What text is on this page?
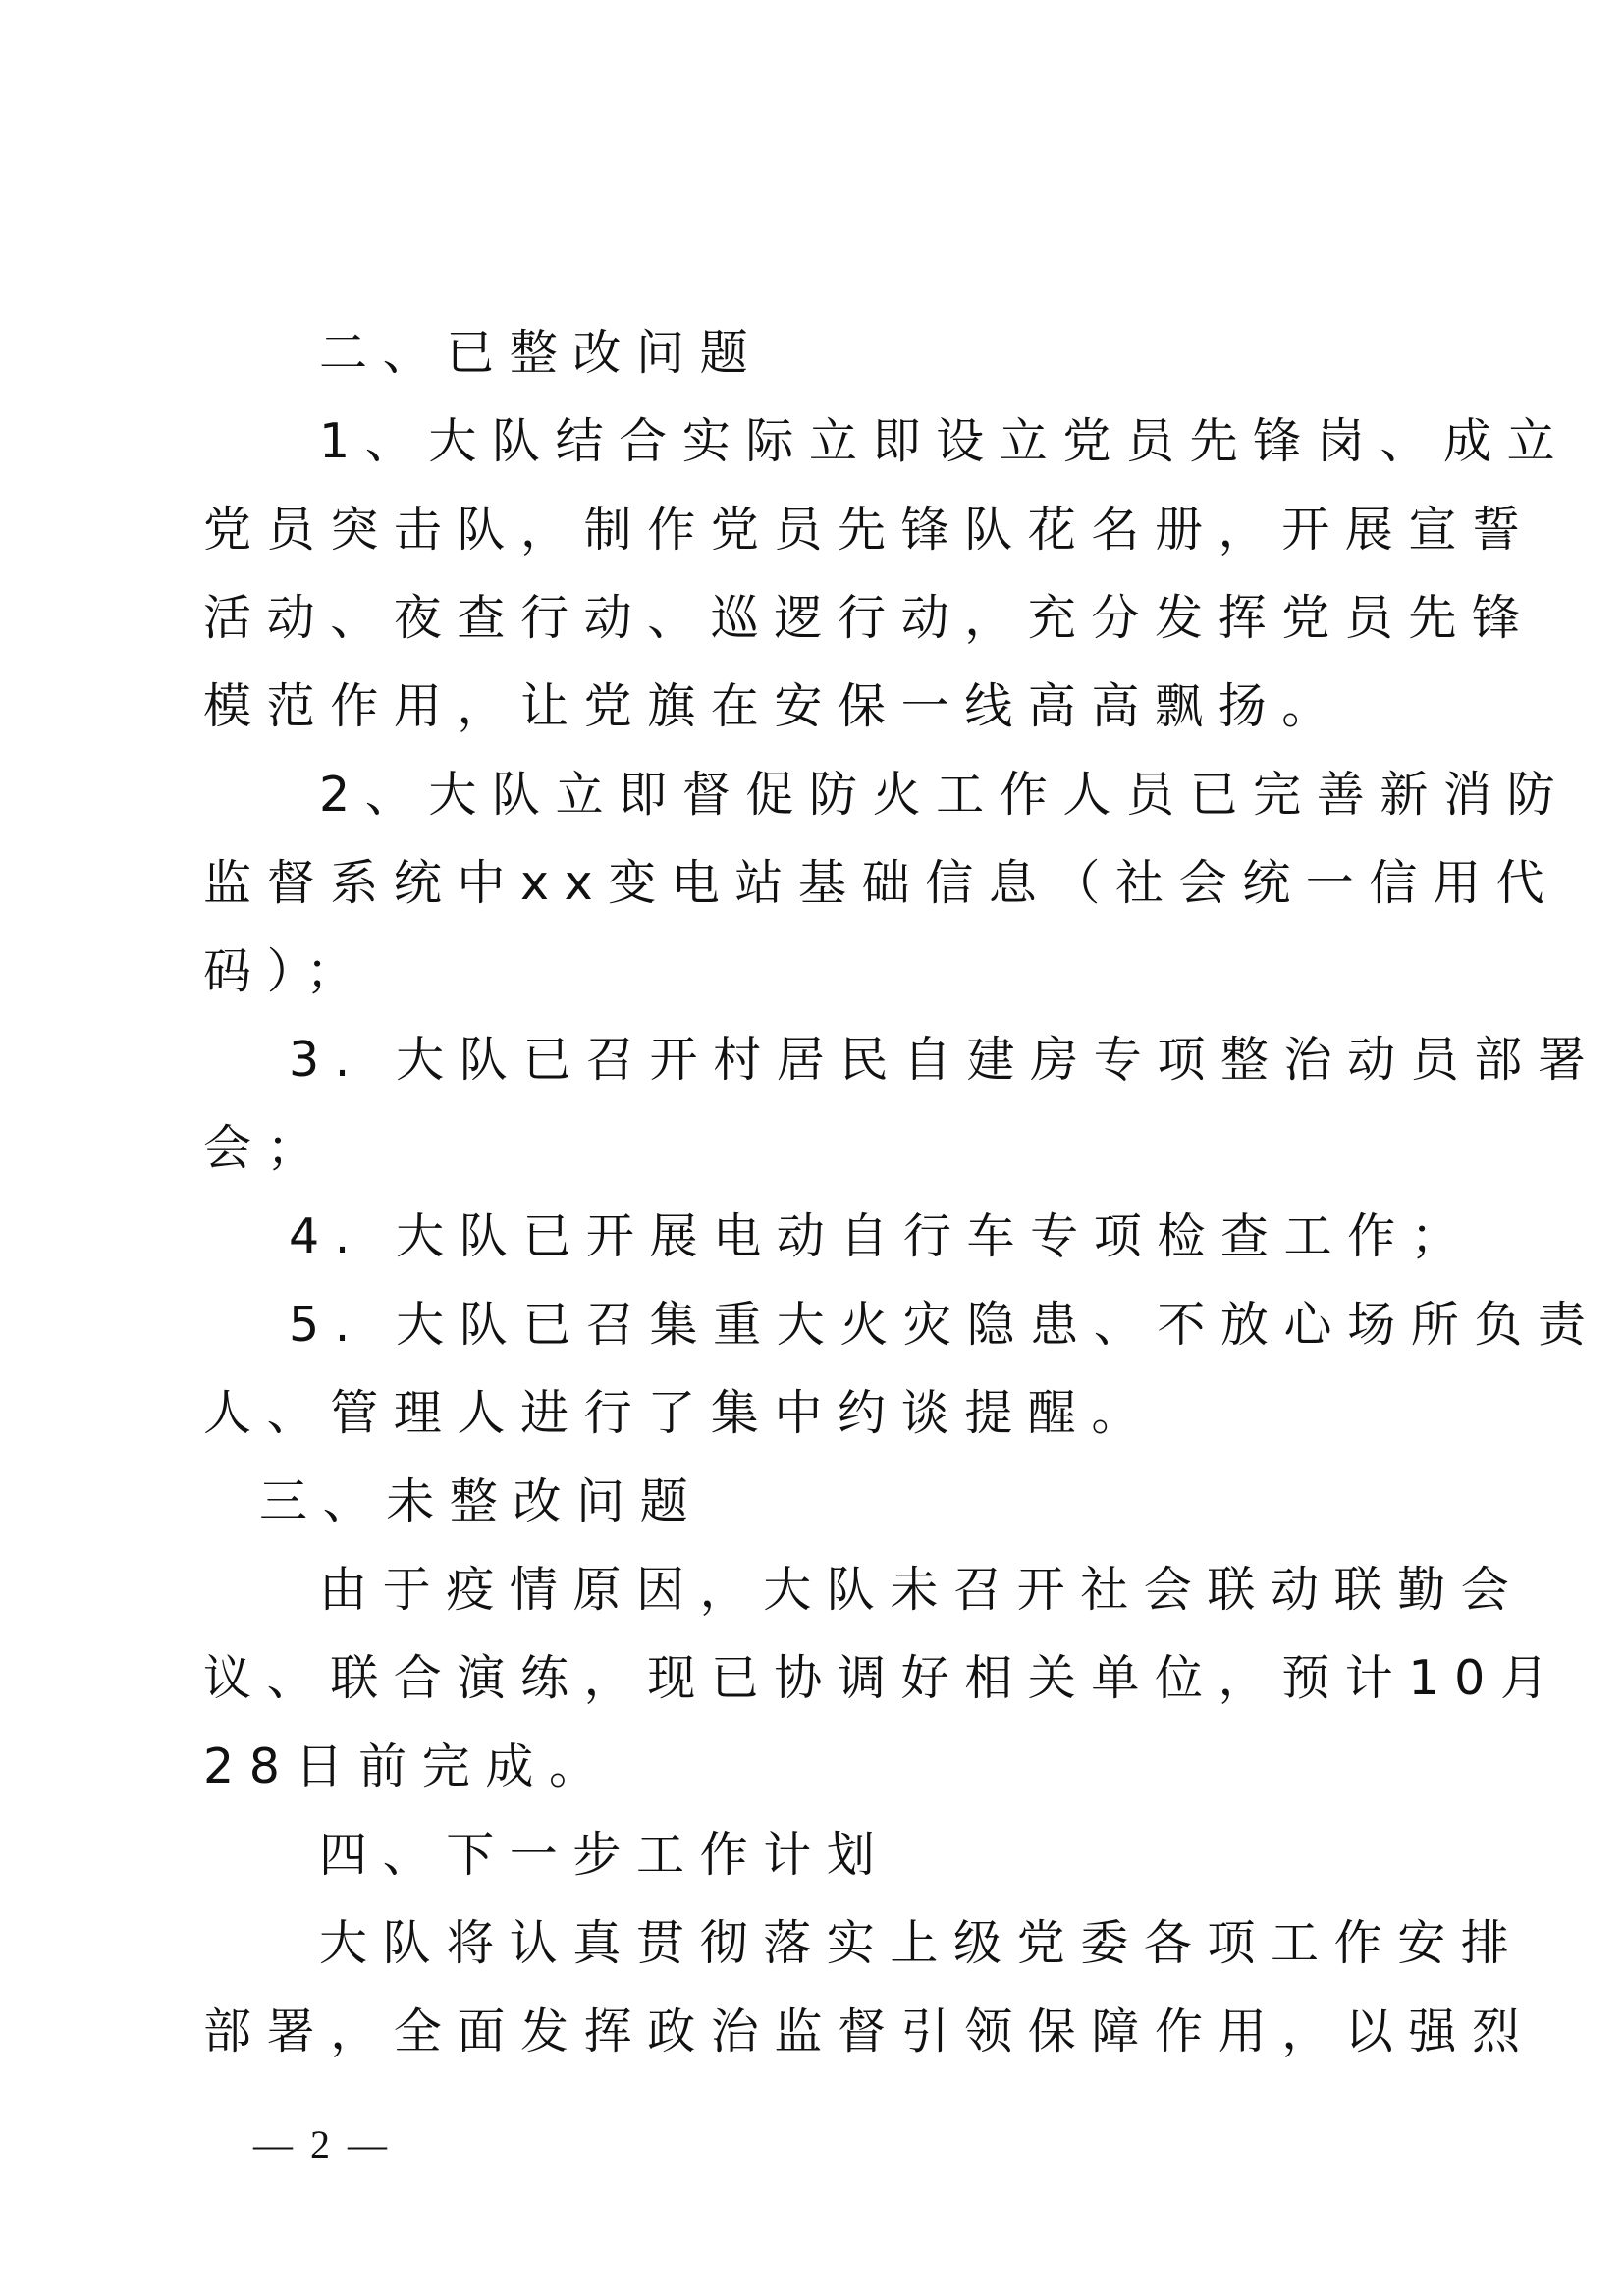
二、已整改问题

1、大队结合实际立即设立党员先锋岗、成立

党员突击队，制作党员先锋队花名册，开展宣誓

活动、夜查行动、巡逻行动，充分发挥党员先锋

模范作用，让党旗在安保一线高高飘扬。

2、大队立即督促防火工作人员已完善新消防

监督系统中xx变电站基础信息（社会统一信用代

码）；

3. 大队已召开村居民自建房专项整治动员部署

会；

4. 大队已开展电动自行车专项检查工作；

5. 大队已召集重大火灾隐患、不放心场所负责

人、管理人进行了集中约谈提醒。

三、未整改问题

由于疫情原因，大队未召开社会联动联勤会

议、联合演练，现已协调好相关单位，预计10月

28日前完成。

四、下一步工作计划

大队将认真贯彻落实上级党委各项工作安排

部署，全面发挥政治监督引领保障作用，以强烈

— 2 —
